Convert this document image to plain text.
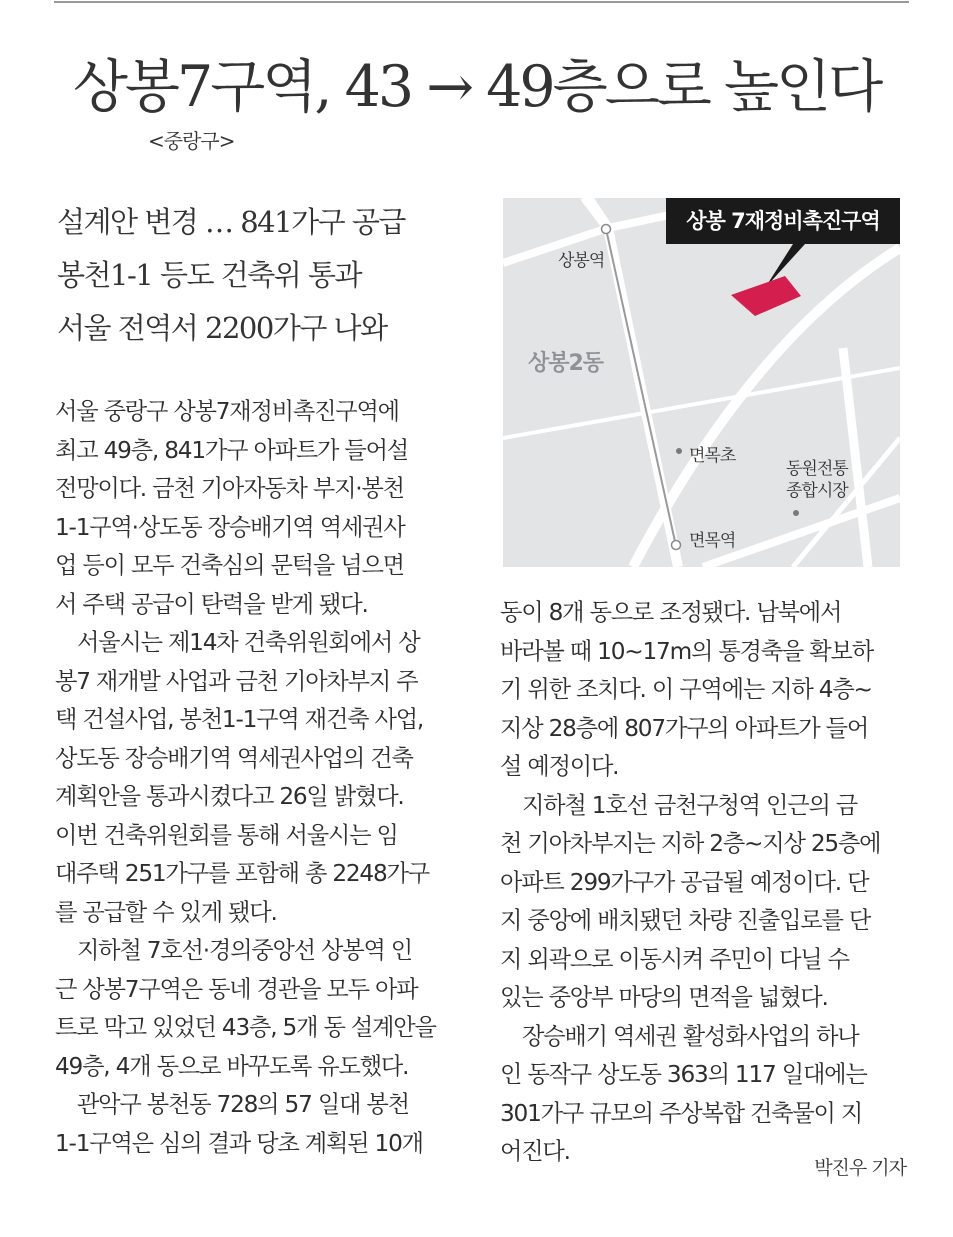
상봉7구역, 43 → 49층으로 높인다
<중랑구>
설계안 변경 … 841가구 공급
봉천1-1 등도 건축위 통과
서울 전역서 2200가구 나와
서울 중랑구 상봉7재정비촉진구역에
최고 49층, 841가구 아파트가 들어설
전망이다. 금천 기아자동차 부지·봉천
1-1구역·상도동 장승배기역 역세권사
업 등이 모두 건축심의 문턱을 넘으면
서 주택 공급이 탄력을 받게 됐다.
　서울시는 제14차 건축위원회에서 상
봉7 재개발 사업과 금천 기아차부지 주
택 건설사업, 봉천1-1구역 재건축 사업,
상도동 장승배기역 역세권사업의 건축
계획안을 통과시켰다고 26일 밝혔다.
이번 건축위원회를 통해 서울시는 임
대주택 251가구를 포함해 총 2248가구
를 공급할 수 있게 됐다.
　지하철 7호선·경의중앙선 상봉역 인
근 상봉7구역은 동네 경관을 모두 아파
트로 막고 있었던 43층, 5개 동 설계안을
49층, 4개 동으로 바꾸도록 유도했다.
　관악구 봉천동 728의 57 일대 봉천
1-1구역은 심의 결과 당초 계획된 10개
동이 8개 동으로 조정됐다. 남북에서
바라볼 때 10~17m의 통경축을 확보하
기 위한 조치다. 이 구역에는 지하 4층~
지상 28층에 807가구의 아파트가 들어
설 예정이다.
　지하철 1호선 금천구청역 인근의 금
천 기아차부지는 지하 2층~지상 25층에
아파트 299가구가 공급될 예정이다. 단
지 중앙에 배치됐던 차량 진출입로를 단
지 외곽으로 이동시켜 주민이 다닐 수
있는 중앙부 마당의 면적을 넓혔다.
　장승배기 역세권 활성화사업의 하나
인 동작구 상도동 363의 117 일대에는
301가구 규모의 주상복합 건축물이 지
어진다.
박진우 기자
상봉 7재정비촉진구역
상봉역
상봉2동
면목초
동원전통
종합시장
면목역
